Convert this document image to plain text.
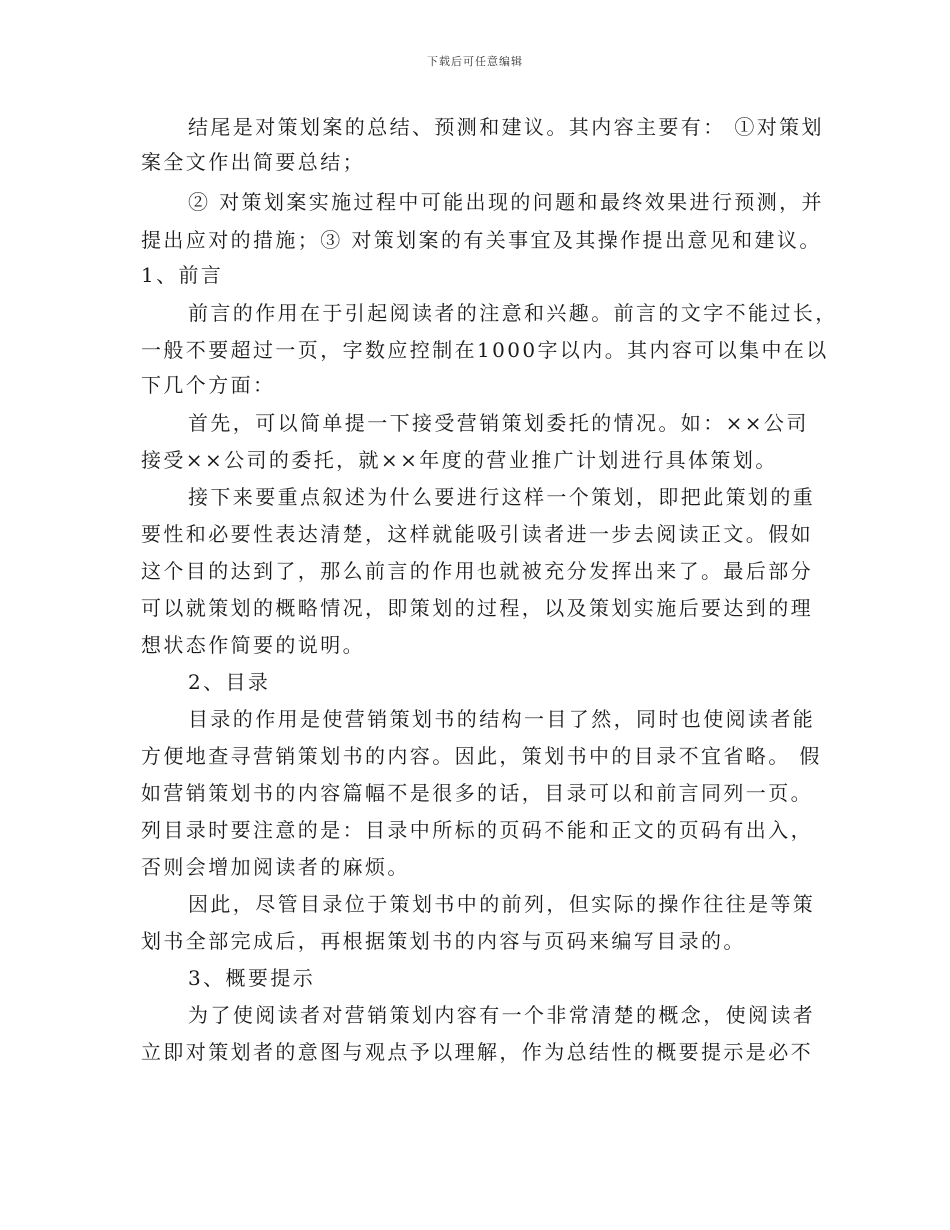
下载后可任意编辑
结尾是对策划案的总结、预测和建议。其内容主要有： ①对策划
案全文作出简要总结；
② 对策划案实施过程中可能出现的问题和最终效果进行预测，并
提出应对的措施；③ 对策划案的有关事宜及其操作提出意见和建议。
1、前言
前言的作用在于引起阅读者的注意和兴趣。前言的文字不能过长，
一般不要超过一页，字数应控制在1000字以内。其内容可以集中在以
下几个方面：
首先，可以简单提一下接受营销策划委托的情况。如：××公司
接受××公司的委托，就××年度的营业推广计划进行具体策划。
接下来要重点叙述为什么要进行这样一个策划，即把此策划的重
要性和必要性表达清楚，这样就能吸引读者进一步去阅读正文。假如
这个目的达到了，那么前言的作用也就被充分发挥出来了。最后部分
可以就策划的概略情况，即策划的过程，以及策划实施后要达到的理
想状态作简要的说明。
2、目录
目录的作用是使营销策划书的结构一目了然，同时也使阅读者能
方便地查寻营销策划书的内容。因此，策划书中的目录不宜省略。 假
如营销策划书的内容篇幅不是很多的话，目录可以和前言同列一页。
列目录时要注意的是：目录中所标的页码不能和正文的页码有出入，
否则会增加阅读者的麻烦。
因此，尽管目录位于策划书中的前列，但实际的操作往往是等策
划书全部完成后，再根据策划书的内容与页码来编写目录的。
3、概要提示
为了使阅读者对营销策划内容有一个非常清楚的概念，使阅读者
立即对策划者的意图与观点予以理解，作为总结性的概要提示是必不
